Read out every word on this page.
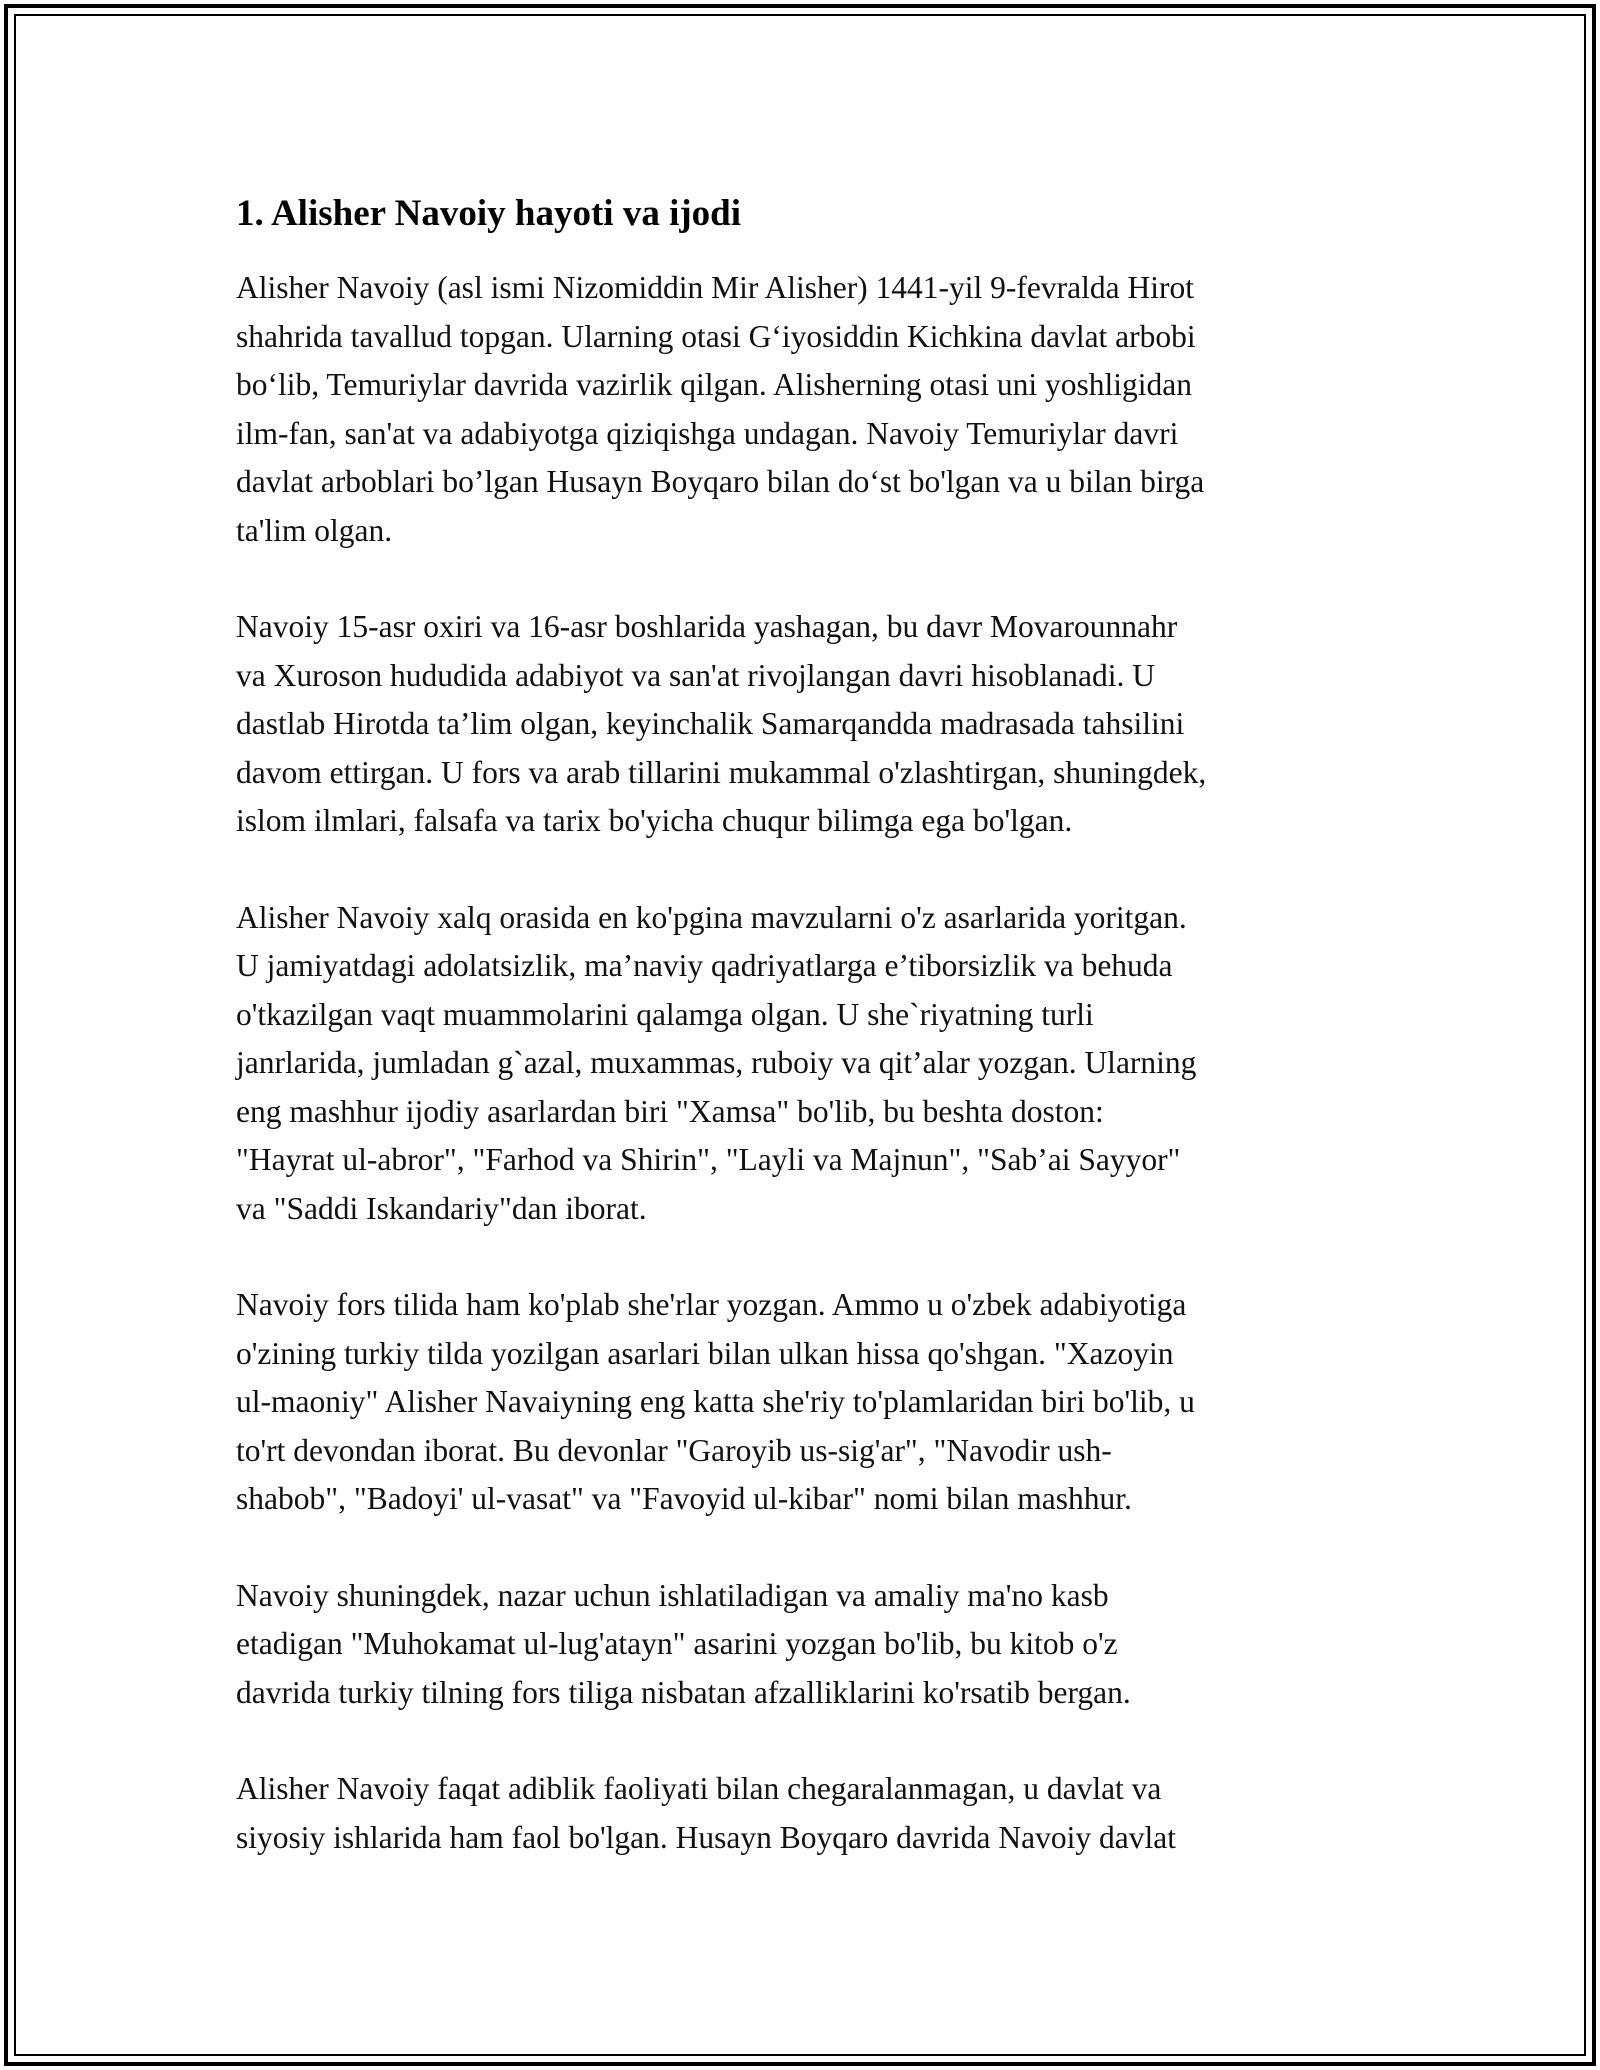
1. Alisher Navoiy hayoti va ijodi

Alisher Navoiy (asl ismi Nizomiddin Mir Alisher) 1441-yil 9-fevralda Hirot
shahrida tavallud topgan. Ularning otasi G‘iyosiddin Kichkina davlat arbobi
bo‘lib, Temuriylar davrida vazirlik qilgan. Alisherning otasi uni yoshligidan
ilm-fan, san'at va adabiyotga qiziqishga undagan. Navoiy Temuriylar davri
davlat arboblari bo’lgan Husayn Boyqaro bilan do‘st bo'lgan va u bilan birga
ta'lim olgan.

Navoiy 15-asr oxiri va 16-asr boshlarida yashagan, bu davr Movarounnahr
va Xuroson hududida adabiyot va san'at rivojlangan davri hisoblanadi. U
dastlab Hirotda ta’lim olgan, keyinchalik Samarqandda madrasada tahsilini
davom ettirgan. U fors va arab tillarini mukammal o'zlashtirgan, shuningdek,
islom ilmlari, falsafa va tarix bo'yicha chuqur bilimga ega bo'lgan.

Alisher Navoiy xalq orasida en ko'pgina mavzularni o'z asarlarida yoritgan.
U jamiyatdagi adolatsizlik, ma’naviy qadriyatlarga e’tiborsizlik va behuda
o'tkazilgan vaqt muammolarini qalamga olgan. U she`riyatning turli
janrlarida, jumladan g`azal, muxammas, ruboiy va qit’alar yozgan. Ularning
eng mashhur ijodiy asarlardan biri "Xamsa" bo'lib, bu beshta doston:
"Hayrat ul-abror", "Farhod va Shirin", "Layli va Majnun", "Sab’ai Sayyor"
va "Saddi Iskandariy"dan iborat.

Navoiy fors tilida ham ko'plab she'rlar yozgan. Ammo u o'zbek adabiyotiga
o'zining turkiy tilda yozilgan asarlari bilan ulkan hissa qo'shgan. "Xazoyin
ul-maoniy" Alisher Navaiyning eng katta she'riy to'plamlaridan biri bo'lib, u
to'rt devondan iborat. Bu devonlar "Garoyib us-sig'ar", "Navodir ush-
shabob", "Badoyi' ul-vasat" va "Favoyid ul-kibar" nomi bilan mashhur.

Navoiy shuningdek, nazar uchun ishlatiladigan va amaliy ma'no kasb
etadigan "Muhokamat ul-lug'atayn" asarini yozgan bo'lib, bu kitob o'z
davrida turkiy tilning fors tiliga nisbatan afzalliklarini ko'rsatib bergan.

Alisher Navoiy faqat adiblik faoliyati bilan chegaralanmagan, u davlat va
siyosiy ishlarida ham faol bo'lgan. Husayn Boyqaro davrida Navoiy davlat
